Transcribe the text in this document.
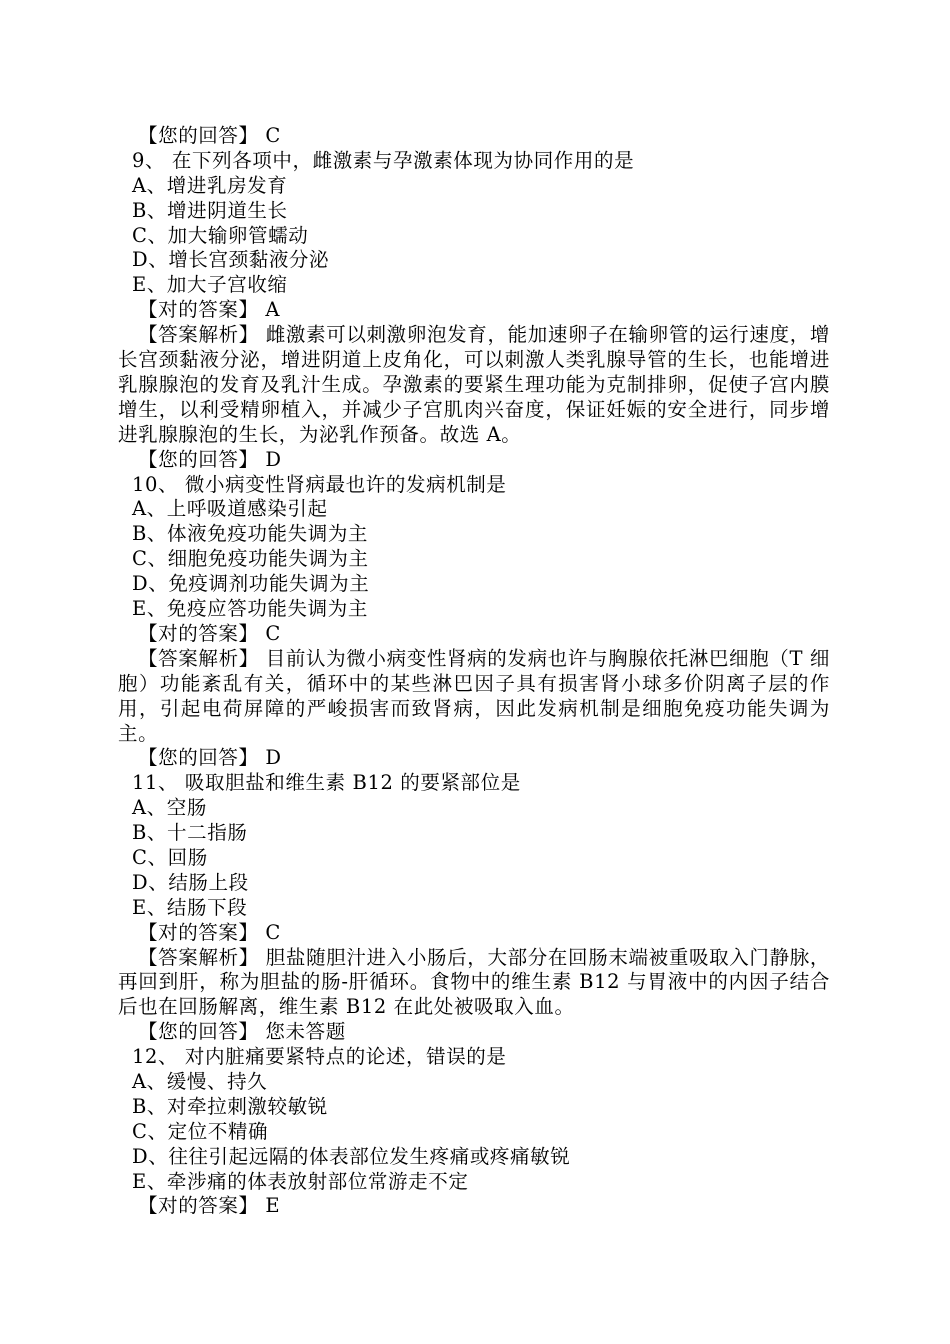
【您的回答】 C
9、 在下列各项中，雌激素与孕激素体现为协同作用的是
A、增进乳房发育
B、增进阴道生长
C、加大输卵管蠕动
D、增长宫颈黏液分泌
E、加大子宫收缩
【对的答案】 A
【答案解析】 雌激素可以刺激卵泡发育，能加速卵子在输卵管的运行速度，增长宫颈黏液分泌，增进阴道上皮角化，可以刺激人类乳腺导管的生长，也能增进乳腺腺泡的发育及乳汁生成。孕激素的要紧生理功能为克制排卵，促使子宫内膜增生，以利受精卵植入，并减少子宫肌肉兴奋度，保证妊娠的安全进行，同步增进乳腺腺泡的生长，为泌乳作预备。故选 A。
【您的回答】 D
10、 微小病变性肾病最也许的发病机制是
A、上呼吸道感染引起
B、体液免疫功能失调为主
C、细胞免疫功能失调为主
D、免疫调剂功能失调为主
E、免疫应答功能失调为主
【对的答案】 C
【答案解析】 目前认为微小病变性肾病的发病也许与胸腺依托淋巴细胞（T 细胞）功能紊乱有关，循环中的某些淋巴因子具有损害肾小球多价阴离子层的作用，引起电荷屏障的严峻损害而致肾病，因此发病机制是细胞免疫功能失调为主。
【您的回答】 D
11、 吸取胆盐和维生素 B12 的要紧部位是
A、空肠
B、十二指肠
C、回肠
D、结肠上段
E、结肠下段
【对的答案】 C
【答案解析】 胆盐随胆汁进入小肠后，大部分在回肠末端被重吸取入门静脉，再回到肝，称为胆盐的肠-肝循环。食物中的维生素 B12 与胃液中的内因子结合后也在回肠解离，维生素 B12 在此处被吸取入血。
【您的回答】 您未答题
12、 对内脏痛要紧特点的论述，错误的是
A、缓慢、持久
B、对牵拉刺激较敏锐
C、定位不精确
D、往往引起远隔的体表部位发生疼痛或疼痛敏锐
E、牵涉痛的体表放射部位常游走不定
【对的答案】 E
